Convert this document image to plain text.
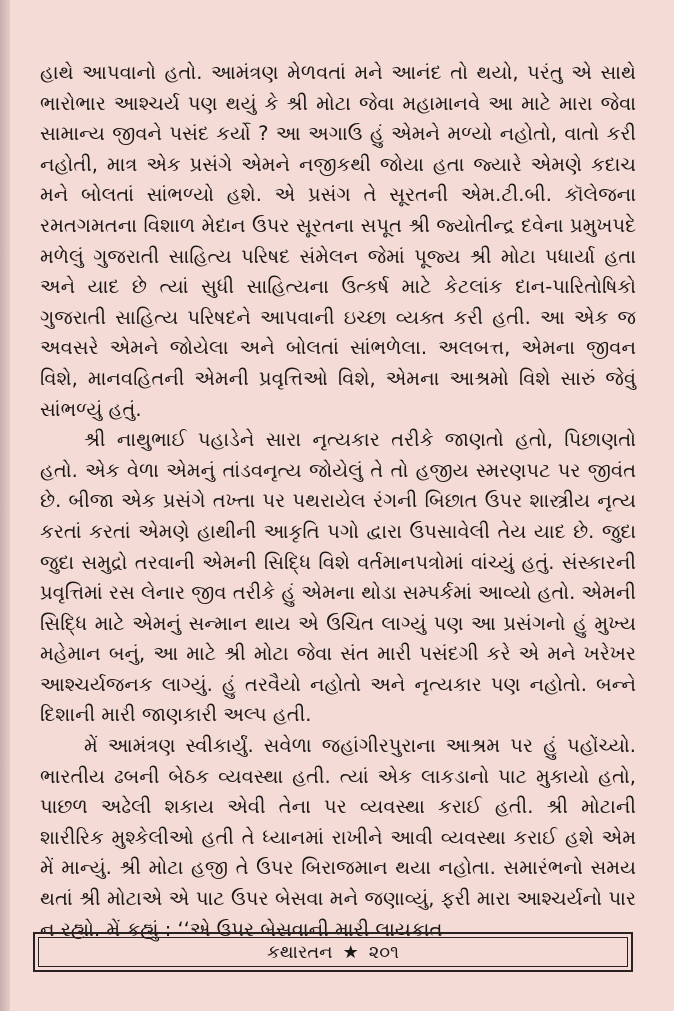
હાથે આપવાનો હતો. આમંત્રણ મેળવતાં મને આનંદ તો થયો, પરંતુ એ સાથે ભારોભાર આશ્ચર્ય પણ થયું કે શ્રી મોટા જેવા મહામાનવે આ માટે મારા જેવા સામાન્ય જીવને પસંદ કર્યો ? આ અગાઉ હું એમને મળ્યો નહોતો, વાતો કરી નહોતી, માત્ર એક પ્રસંગે એમને નજીકથી જોયા હતા જ્યારે એમણે કદાચ મને બોલતાં સાંભળ્યો હશે. એ પ્રસંગ તે સૂરતની એમ.ટી.બી. કૉલેજના રમતગમતના વિશાળ મેદાન ઉપર સૂરતના સપૂત શ્રી જ્યોતીન્દ્ર દવેના પ્રમુખપદે મળેલું ગુજરાતી સાહિત્ય પરિષદ સંમેલન જેમાં પૂજ્ય શ્રી મોટા પધાર્યા હતા અને યાદ છે ત્યાં સુધી સાહિત્યના ઉત્કર્ષ માટે કેટલાંક દાન-પારિતોષિકો ગુજરાતી સાહિત્ય પરિષદને આપવાની ઇચ્છા વ્યક્ત કરી હતી. આ એક જ અવસરે એમને જોયેલા અને બોલતાં સાંભળેલા. અલબત્ત, એમના જીવન વિશે, માનવહિતની એમની પ્રવૃત્તિઓ વિશે, એમના આશ્રમો વિશે સારું જેવું સાંભળ્યું હતું.

શ્રી નાથુભાઈ પહાડેને સારા નૃત્યકાર તરીકે જાણતો હતો, પિછાણતો હતો. એક વેળા એમનું તાંડવનૃત્ય જોયેલું તે તો હજીય સ્મરણપટ પર જીવંત છે. બીજા એક પ્રસંગે તખ્તા પર પથરાયેલ રંગની બિછાત ઉપર શાસ્ત્રીય નૃત્ય કરતાં કરતાં એમણે હાથીની આકૃતિ પગો દ્વારા ઉપસાવેલી તેય યાદ છે. જુદા જુદા સમુદ્રો તરવાની એમની સિદ્ધિ વિશે વર્તમાનપત્રોમાં વાંચ્યું હતું. સંસ્કારની પ્રવૃત્તિમાં રસ લેનાર જીવ તરીકે હું એમના થોડા સમ્પર્કમાં આવ્યો હતો. એમની સિદ્ધિ માટે એમનું સન્માન થાય એ ઉચિત લાગ્યું પણ આ પ્રસંગનો હું મુખ્ય મહેમાન બનું, આ માટે શ્રી મોટા જેવા સંત મારી પસંદગી કરે એ મને ખરેખર આશ્ચર્યજનક લાગ્યું. હું તરવૈયો નહોતો અને નૃત્યકાર પણ નહોતો. બન્ને દિશાની મારી જાણકારી અલ્પ હતી.

મેં આમંત્રણ સ્વીકાર્યું. સવેળા જહાંગીરપુરાના આશ્રમ પર હું પહોંચ્યો. ભારતીય ઢબની બેઠક વ્યવસ્થા હતી. ત્યાં એક લાકડાનો પાટ મુકાયો હતો, પાછળ અઢેલી શકાય એવી તેના પર વ્યવસ્થા કરાઈ હતી. શ્રી મોટાની શારીરિક મુશ્કેલીઓ હતી તે ધ્યાનમાં રાખીને આવી વ્યવસ્થા કરાઈ હશે એમ મેં માન્યું. શ્રી મોટા હજી તે ઉપર બિરાજમાન થયા નહોતા. સમારંભનો સમય થતાં શ્રી મોટાએ એ પાટ ઉપર બેસવા મને જણાવ્યું, ફરી મારા આશ્ચર્યનો પાર ન રહ્યો. મેં કહ્યું : ‘‘એ ઉપર બેસવાની મારી લાયકાત

કથારતન ★ ૨૦૧
